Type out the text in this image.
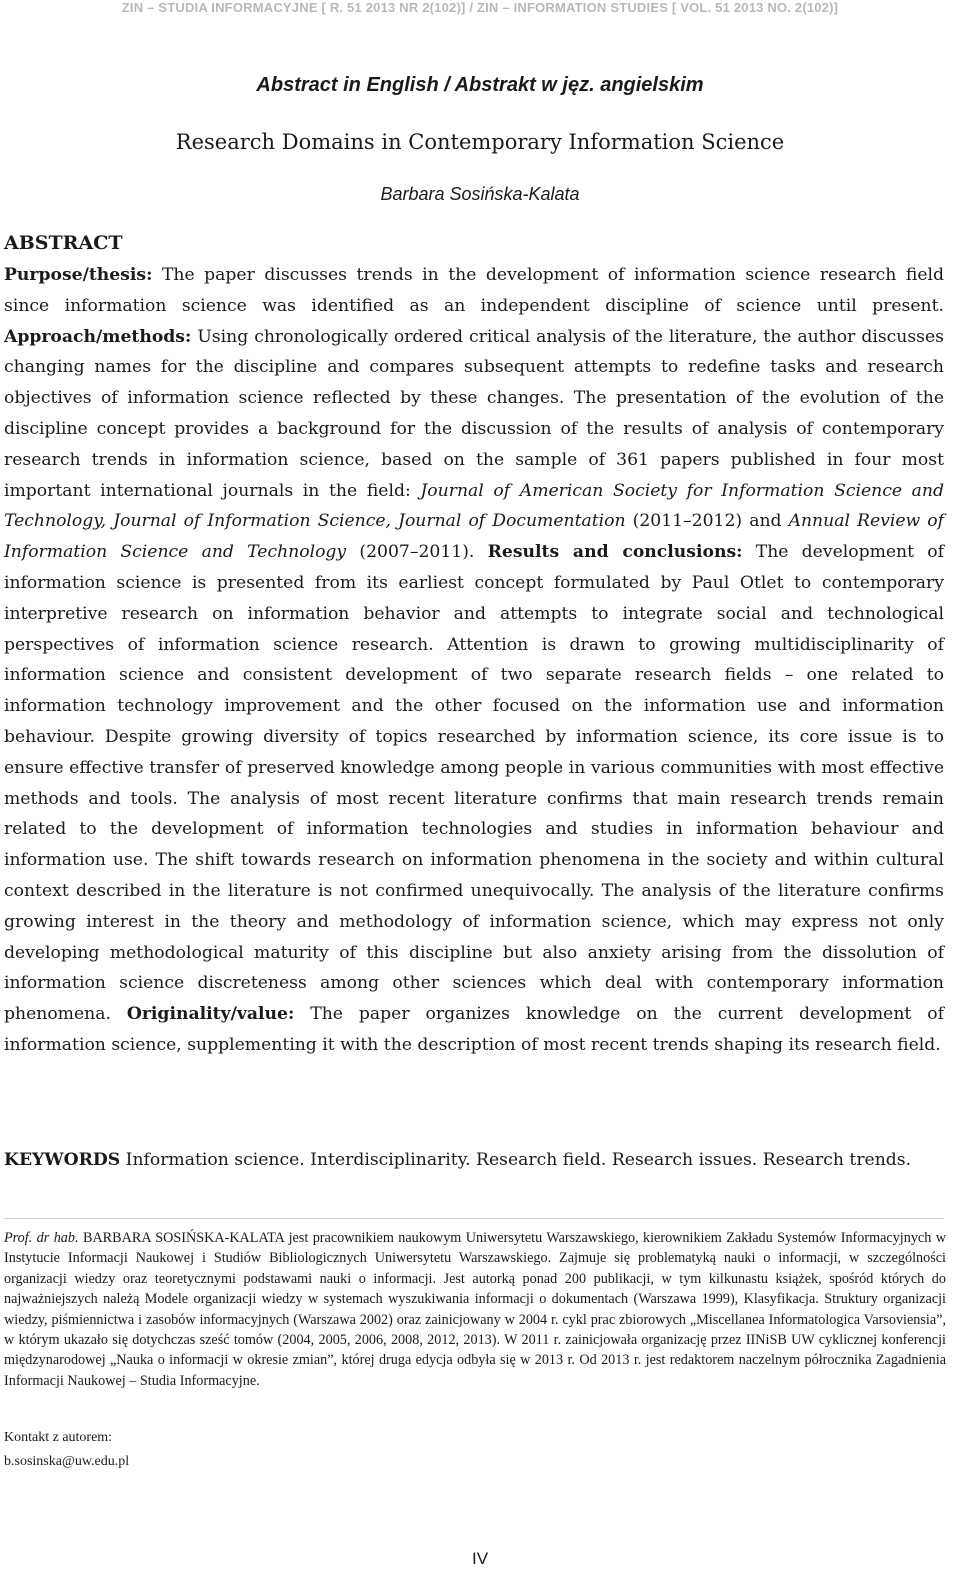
ZIN – STUDIA INFORMACYJNE [ R. 51 2013 NR 2(102)] / ZIN – INFORMATION STUDIES [ VOL. 51 2013 NO. 2(102)]
Abstract in English / Abstrakt w jęz. angielskim
Research Domains in Contemporary Information Science
Barbara Sosińska-Kalata
ABSTRACT

Purpose/thesis: The paper discusses trends in the development of information science research field since information science was identified as an independent discipline of science until present. Approach/methods: Using chronologically ordered critical analysis of the literature, the author discusses changing names for the discipline and compares subsequent attempts to redefine tasks and research objectives of information science reflected by these changes. The presentation of the evolution of the discipline concept provides a background for the discussion of the results of analysis of contemporary research trends in information science, based on the sample of 361 papers published in four most important international journals in the field: Journal of American Society for Information Science and Technology, Journal of Information Science, Journal of Documentation (2011–2012) and Annual Review of Information Science and Technology (2007–2011). Results and conclusions: The development of information science is presented from its earliest concept formulated by Paul Otlet to contemporary interpretive research on information behavior and attempts to integrate social and technological perspectives of information science research. Attention is drawn to growing multidisciplinarity of information science and consistent development of two separate research fields – one related to information technology improvement and the other focused on the information use and information behaviour. Despite growing diversity of topics researched by information science, its core issue is to ensure effective transfer of preserved knowledge among people in various communities with most effective methods and tools. The analysis of most recent literature confirms that main research trends remain related to the development of information technologies and studies in information behaviour and information use. The shift towards research on information phenomena in the society and within cultural context described in the literature is not confirmed unequivocally. The analysis of the literature confirms growing interest in the theory and methodology of information science, which may express not only developing methodological maturity of this discipline but also anxiety arising from the dissolution of information science discreteness among other sciences which deal with contemporary information phenomena. Originality/value: The paper organizes knowledge on the current development of information science, supplementing it with the description of most recent trends shaping its research field.

KEYWORDS Information science. Interdisciplinarity. Research field. Research issues. Research trends.

Prof. dr hab. BARBARA SOSIŃSKA-KALATA jest pracownikiem naukowym Uniwersytetu Warszawskiego, kierownikiem Zakładu Systemów Informacyjnych w Instytucie Informacji Naukowej i Studiów Bibliologicznych Uniwersytetu Warszawskiego. Zajmuje się problematyką nauki o informacji, w szczególności organizacji wiedzy oraz teoretycznymi podstawami nauki o informacji. Jest autorką ponad 200 publikacji, w tym kilkunastu książek, spośród których do najważniejszych należą Modele organizacji wiedzy w systemach wyszukiwania informacji o dokumentach (Warszawa 1999), Klasyfikacja. Struktury organizacji wiedzy, piśmiennictwa i zasobów informacyjnych (Warszawa 2002) oraz zainicjowany w 2004 r. cykl prac zbiorowych „Miscellanea Informatologica Varsoviensia”, w którym ukazało się dotychczas sześć tomów (2004, 2005, 2006, 2008, 2012, 2013). W 2011 r. zainicjowała organizację przez IINiSB UW cyklicznej konferencji międzynarodowej „Nauka o informacji w okresie zmian”, której druga edycja odbyła się w 2013 r. Od 2013 r. jest redaktorem naczelnym półrocznika Zagadnienia Informacji Naukowej – Studia Informacyjne.

Kontakt z autorem:
b.sosinska@uw.edu.pl
IV
